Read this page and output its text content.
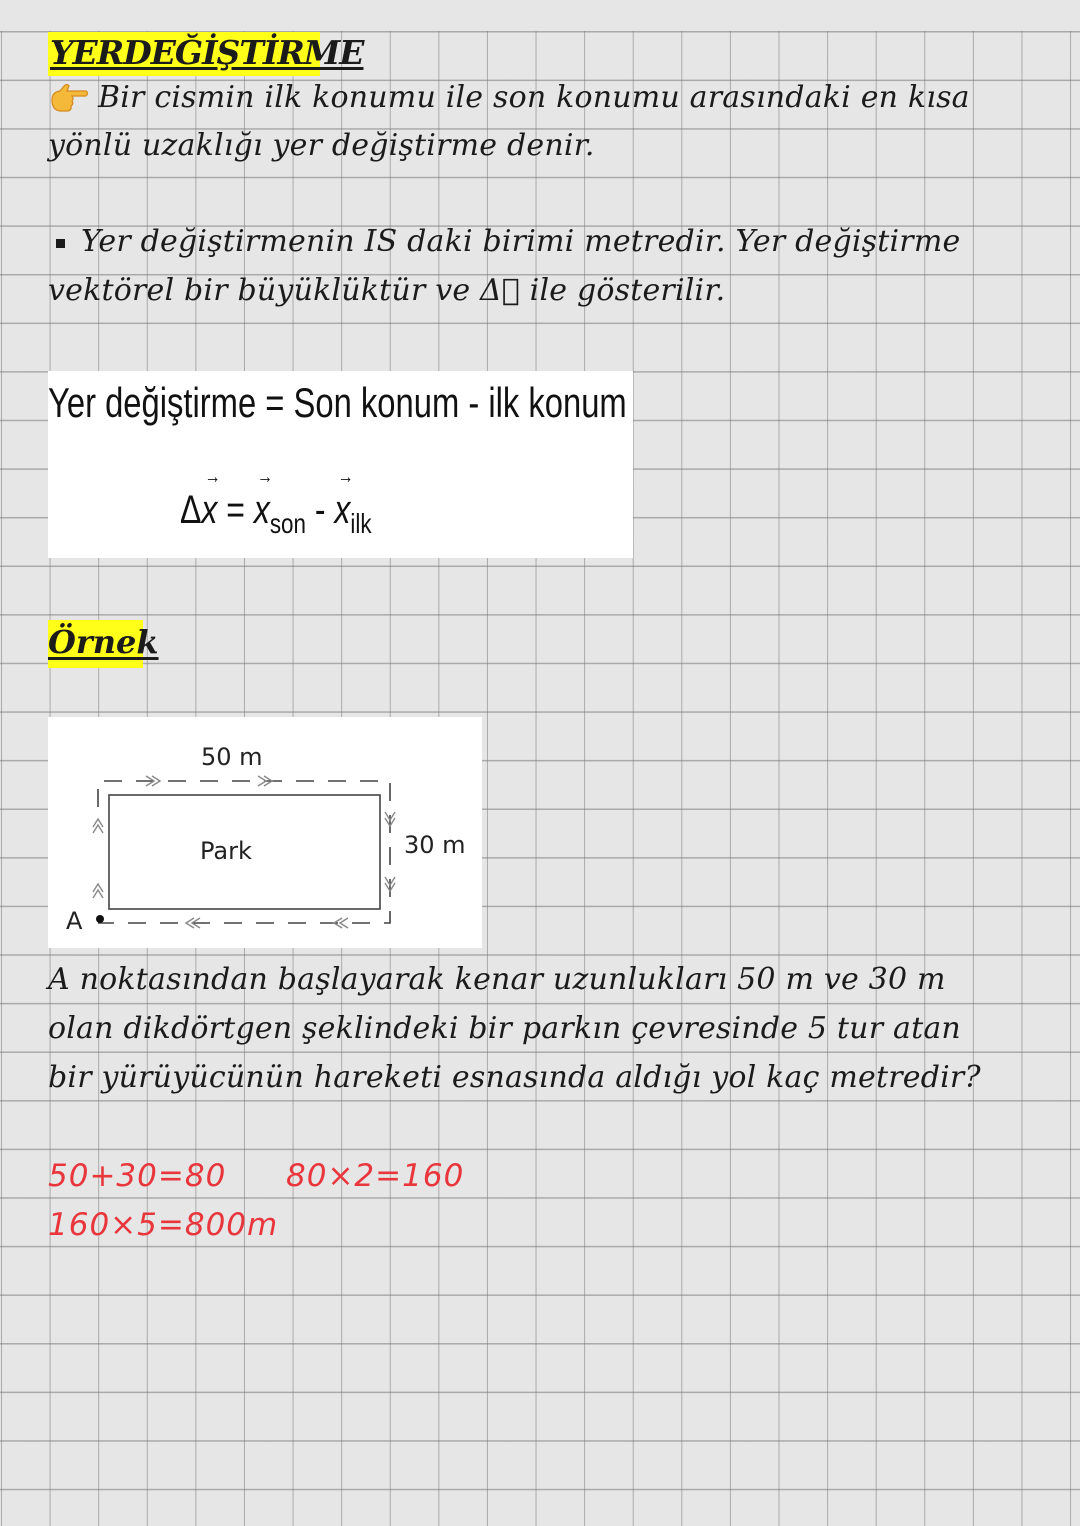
YERDEĞİŞTİRME
Bir cismin ilk konumu ile son konumu arasındaki en kısa
yönlü uzaklığı yer değiştirme denir.
Yer değiştirmenin IS daki birimi metredir. Yer değiştirme
vektörel bir büyüklüktür ve Δ⃗ ile gösterilir.
Yer değiştirme = Son konum - ilk konum
Δ→ x = → $x_{son}$ - → $x_{ilk}$
Örnek
50 m
30 m
Park
A
A noktasından başlayarak kenar uzunlukları 50 m ve 30 m
olan dikdörtgen şeklindeki bir parkın çevresinde 5 tur atan
bir yürüyücünün hareketi esnasında aldığı yol kaç metredir?
50+30=80 80×2=160
160×5=800m
